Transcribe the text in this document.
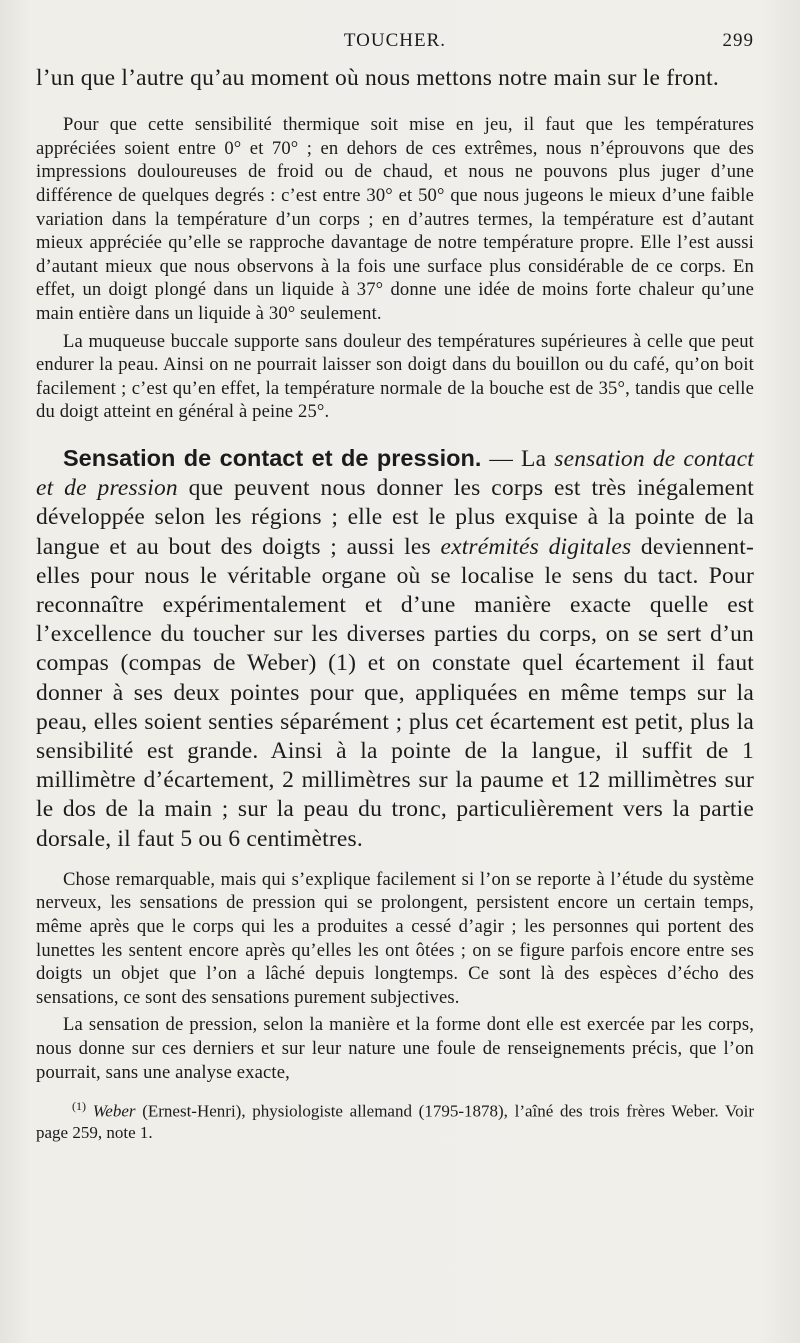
TOUCHER.	299

l’un que l’autre qu’au moment où nous mettons notre main sur le front.

Pour que cette sensibilité thermique soit mise en jeu, il faut que les températures appréciées soient entre 0° et 70° ; en dehors de ces extrêmes, nous n’éprouvons que des impressions douloureuses de froid ou de chaud, et nous ne pouvons plus juger d’une différence de quelques degrés : c’est entre 30° et 50° que nous jugeons le mieux d’une faible variation dans la température d’un corps ; en d’autres termes, la température est d’autant mieux appréciée qu’elle se rapproche davantage de notre température propre. Elle l’est aussi d’autant mieux que nous observons à la fois une surface plus considérable de ce corps. En effet, un doigt plongé dans un liquide à 37° donne une idée de moins forte chaleur qu’une main entière dans un liquide à 30° seulement.

La muqueuse buccale supporte sans douleur des températures supérieures à celle que peut endurer la peau. Ainsi on ne pourrait laisser son doigt dans du bouillon ou du café, qu’on boit facilement ; c’est qu’en effet, la température normale de la bouche est de 35°, tandis que celle du doigt atteint en général à peine 25°.

Sensation de contact et de pression. — La sensation de contact et de pression que peuvent nous donner les corps est très inégalement développée selon les régions ; elle est le plus exquise à la pointe de la langue et au bout des doigts ; aussi les extrémités digitales deviennent-elles pour nous le véritable organe où se localise le sens du tact. Pour reconnaître expérimentalement et d’une manière exacte quelle est l’excellence du toucher sur les diverses parties du corps, on se sert d’un compas (compas de Weber) (1) et on constate quel écartement il faut donner à ses deux pointes pour que, appliquées en même temps sur la peau, elles soient senties séparément ; plus cet écartement est petit, plus la sensibilité est grande. Ainsi à la pointe de la langue, il suffit de 1 millimètre d’écartement, 2 millimètres sur la paume et 12 millimètres sur le dos de la main ; sur la peau du tronc, particulièrement vers la partie dorsale, il faut 5 ou 6 centimètres.

Chose remarquable, mais qui s’explique facilement si l’on se reporte à l’étude du système nerveux, les sensations de pression qui se prolongent, persistent encore un certain temps, même après que le corps qui les a produites a cessé d’agir ; les personnes qui portent des lunettes les sentent encore après qu’elles les ont ôtées ; on se figure parfois encore entre ses doigts un objet que l’on a lâché depuis longtemps. Ce sont là des espèces d’écho des sensations, ce sont des sensations purement subjectives.

La sensation de pression, selon la manière et la forme dont elle est exercée par les corps, nous donne sur ces derniers et sur leur nature une foule de renseignements précis, que l’on pourrait, sans une analyse exacte,

$^{(1)}$ Weber (Ernest-Henri), physiologiste allemand (1795-1878), l’aîné des trois frères Weber. Voir page 259, note 1.
